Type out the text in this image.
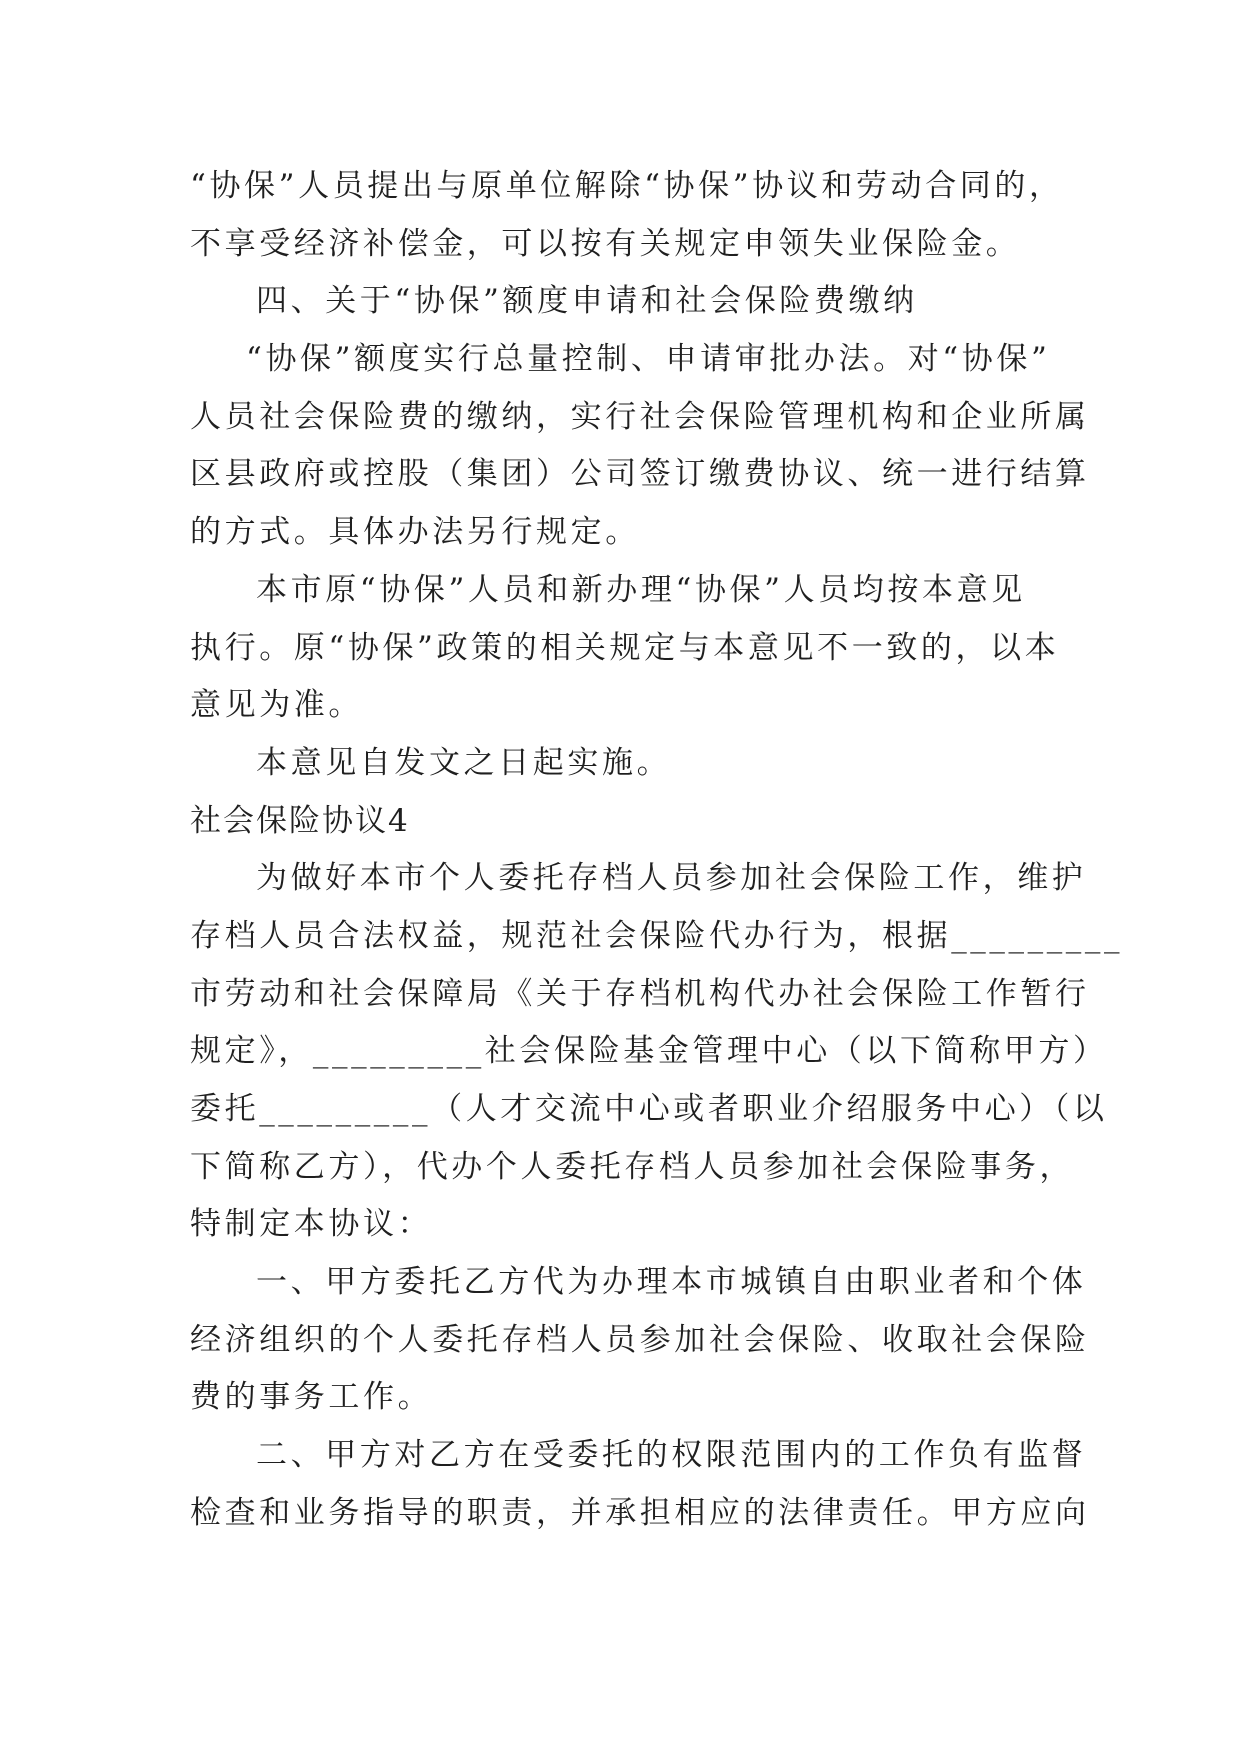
“协保”人员提出与原单位解除“协保”协议和劳动合同的，
不享受经济补偿金，可以按有关规定申领失业保险金。
四、关于“协保”额度申请和社会保险费缴纳
“协保”额度实行总量控制、申请审批办法。对“协保”
人员社会保险费的缴纳，实行社会保险管理机构和企业所属
区县政府或控股（集团）公司签订缴费协议、统一进行结算
的方式。具体办法另行规定。
本市原“协保”人员和新办理“协保”人员均按本意见
执行。原“协保”政策的相关规定与本意见不一致的，以本
意见为准。
本意见自发文之日起实施。
社会保险协议4
为做好本市个人委托存档人员参加社会保险工作，维护
存档人员合法权益，规范社会保险代办行为，根据_________
市劳动和社会保障局《关于存档机构代办社会保险工作暂行
规定》，_________社会保险基金管理中心（以下简称甲方）
委托_________（人才交流中心或者职业介绍服务中心）（以
下简称乙方），代办个人委托存档人员参加社会保险事务，
特制定本协议：
一、甲方委托乙方代为办理本市城镇自由职业者和个体
经济组织的个人委托存档人员参加社会保险、收取社会保险
费的事务工作。
二、甲方对乙方在受委托的权限范围内的工作负有监督
检查和业务指导的职责，并承担相应的法律责任。甲方应向
